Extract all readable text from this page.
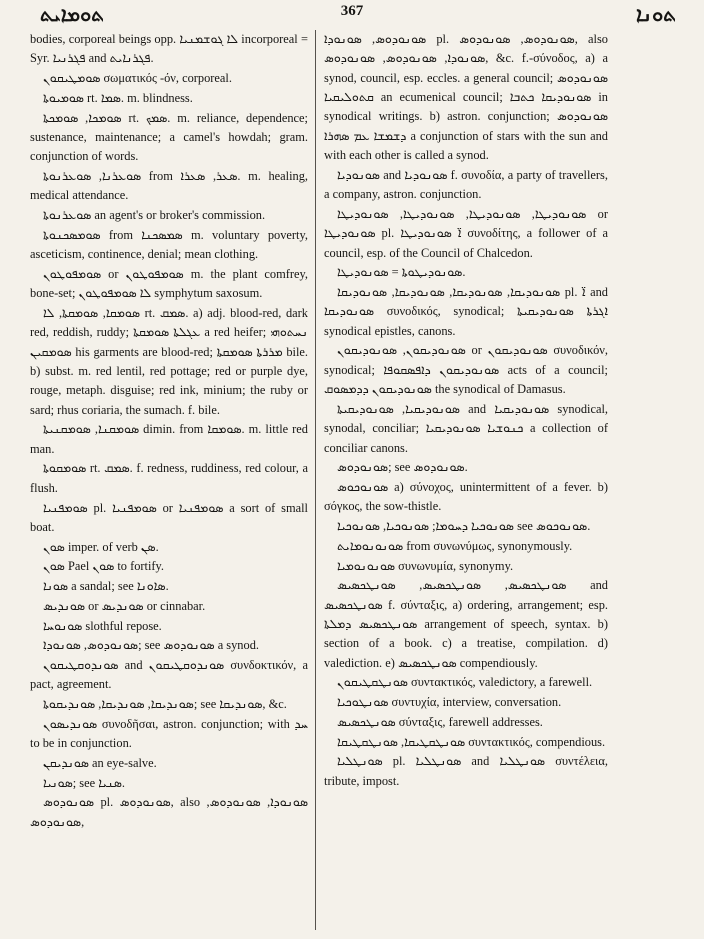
ܬܘܡܐܝܬ	367	ܬܘܢܐ

bodies, corporeal beings opp. ܠܐ ܓܘܫܡܢܝܐ incorporeal = Syr. ܦܓܪܢܝܐ and ܦܓܪܢܐܝܬ.

ܣܘܡܛܝܩܘܢ σωματικός -όν, corporeal.

ܣܘܡܝܘܬܐ rt. ܣܡܐ. m. blindness.

ܣܘܡܟܐ, ܣܘܡܟܬܐ rt. ܣܡܟ. m. reliance, dependence; sustenance, maintenance; a camel's howdah; gram. conjunction of words.

ܣܘܥܪܢܐ, ܣܘܥܪܢܘܬܐ from ܣܥܪ, ܣܥܪܐ. m. healing, medical attendance.

ܣܘܥܪܢܘܬܐ an agent's or broker's commission.

ܣܘܡܣܟܢܘܬܐ from ܣܡܣܟܢܐ m. voluntary poverty, asceticism, continence, denial; mean clothing.

ܣܘܡܦܘܛܘܢ or ܣܘܡܦܘܛܘܢ m. the plant comfrey, bone-set; ܠܐ ܣܘܡܦܘܛܘܢ symphytum saxosum.

ܣܘܡܩܐ, ܣܘܡܩܬܐ, ܠܐ rt. ܣܡܩ. a) adj. blood-red, dark red, reddish, ruddy; ܥܓܠܬܐ ܣܘܡܩܬܐ a red heifer; ܢܚܬܘܗܝ ܣܘܡܩܝܢ his garments are blood-red; ܡܪܪܬܐ ܣܘܡܩܬܐ bile. b) subst. m. red lentil, red pottage; red or purple dye, rouge, metaph. disguise; red ink, minium; the ruby or sard; rhus coriaria, the sumach. f. bile.

ܣܘܡܩܢܐ, ܣܘܡܩܢܝܬܐ dimin. from ܣܘܡܩܐ. m. little red man.

ܣܘܡܩܘܬܐ rt. ܣܡܩ. f. redness, ruddiness, red colour, a flush.

ܣܘܡܦܢܝܐ pl. ܣܘܡܦܢܝܐ or ܣܘܡܦܢܝܐ a sort of small boat.

ܣܘܢ imper. of verb ܣܢ.

ܣܘܢ Pael ܣܘܢ to fortify.

ܣܘܢܐ a sandal; see ܣܐܘܢܐ.

ܣܘܢܕܝܣ or ܣܘܢܕܝܣ or cinnabar.

ܣܘܢܘܚܐ slothful repose.

ܣܘܢܘܕܘܣ, ܣܘܢܘܕܐ; see ܣܘܢܘܕܘܣ a synod.

ܣܘܢܕܘܩܛܝܩܘܢ and ܣܘܢܕܘܩܛܝܩܘܢ συνδοκτικόν, a pact, agreement.

ܣܘܢܕܝܩܐ, ܣܘܢܕܝܩܐ, ܣܘܢܕܝܩܘܬܐ; see ܣܘܢܕܝܩܐ, &c.

ܣܘܢܕܝܣܘܢ συνοδῆσαι, astron. conjunction; with ܚܕ to be in conjunction.

ܣܘܢܕܝܩܢ an eye-salve.

ܣܘܢܝܐ; see ܣܢܝܐ.

ܣܘܢܘܕܘܣ pl. ܣܘܢܘܕܘܣ, also ܣܘܢܘܕܐ, ܣܘܢܘܕܘܣ, ܣܘܢܘܕܘܣ,

ܣܘܢܘܕܘܣ, ܣܘܢܘܕܐ pl. ܣܘܢܘܕܘܣ, ܣܘܢܘܕܘܣ, also ܣܘܢܘܕܐ, ܣܘܢܘܕܘܣ, ܣܘܢܘܕܘܣ, &c. f.-σύνοδος, a) a synod, council, esp. eccles. a general council; ܣܘܢܘܕܘܣ ܩܬܘܠܝܩܝܐ an ecumenical council; ܣܘܢܘܕܝܩܐ ܟܬܒܐ in synodical writings. b) astron. conjunction; ܣܘܢܘܕܘܣ ܕܫܡܫܐ ܥܡ ܣܗܪܐ a conjunction of stars with the sun and with each other is called a synod.

ܣܘܢܘܕܝܐ and ܣܘܢܘܕܝܐ f. συνοδία, a party of travellers, a company, astron. conjunction.

ܣܘܢܘܕܝܛܐ, ܣܘܢܘܕܝܛܐ, ܣܘܢܘܕܝܛܐ, ܣܘܢܘܕܝܛܐ or ܣܘܢܘܕܝܛܐ pl. ܐ̈ ܣܘܢܘܕܝܛܐ συνοδίτης, a follower of a council, esp. of the Council of Chalcedon.

ܣܘܢܘܕܝܛܘܬܐ = ܣܘܢܘܕܝܛܐ.

ܣܘܢܘܕܝܩܐ, ܣܘܢܘܕܝܩܐ, ܣܘܢܘܕܝܩܐ, ܣܘܢܘܕܝܩܐ pl. ܐ̈ and ܣܘܢܘܕܝܩܐ συνοδικός, synodical; ܐܓܪܬܐ ܣܘܢܘܕܝܩܝܬܐ synodical epistles, canons.

ܣܘܢܘܕܝܩܘܢ, ܣܘܢܘܕܝܩܘܢ or ܣܘܢܘܕܝܩܘܢ συνοδικόν, synodical; ܣܘܢܘܕܝܩܘܢ ܕܐܦܣܩܘܦܐ acts of a council; ܣܘܢܘܕܝܩܘܢ ܕܕܡܣܘܩ the synodical of Damasus.

ܣܘܢܘܕܝܩܝܐ, ܣܘܢܘܕܝܩܝܬܐ and ܣܘܢܘܕܝܩܝܐ synodical, synodal, conciliar; ܟܢܘܫܝܐ ܣܘܢܘܕܝܩܝܐ a collection of conciliar canons.

ܣܘܢܘܕܘܣ; see ܣܘܢܘܕܘܣ.

ܣܘܢܘܟܘܣ a) σύνοχος, unintermittent of a fever. b) σόγκος, the sow-thistle.

ܣܘܢܘܟܝܐ ܕܚܘܡܐ; ܣܘܢܘܟܝܐ, ܣܘܢܘܟܝܐ see ܣܘܢܘܟܘܣ.

ܣܘܢܘܢܘܡܐܝܬ from συνωνύμως, synonymously.

ܣܘܢܘܢܘܡܝܐ συνωνυμία, synonymy.

ܣܘܢܛܟܣܝܣ, ܣܘܢܛܟܣܝܣ, ܣܘܢܛܟܣܝܣ and ܣܘܢܛܟܣܝܣ f. σύνταξις, a) ordering, arrangement; esp. ܣܘܢܛܟܣܝܣ ܕܡܠܬܐ arrangement of speech, syntax. b) section of a book. c) a treatise, compilation. d) valediction. e) ܣܘܢܛܟܣܝܣ compendiously.

ܣܘܢܛܩܛܝܩܘܢ συντακτικός, valedictory, a farewell.

ܣܘܢܛܘܟܝܐ συντυχία, interview, conversation.

ܣܘܢܛܟܣܝܣ σύνταξις, farewell addresses.

ܣܘܢܛܩܛܝܩܐ, ܣܘܢܛܩܛܝܩܐ συντακτικός, compendious.

ܣܘܢܛܠܝܐ pl. ܣܘܢܛܠܝܐ and ܣܘܢܛܠܝܐ συντέλεια, tribute, impost.
